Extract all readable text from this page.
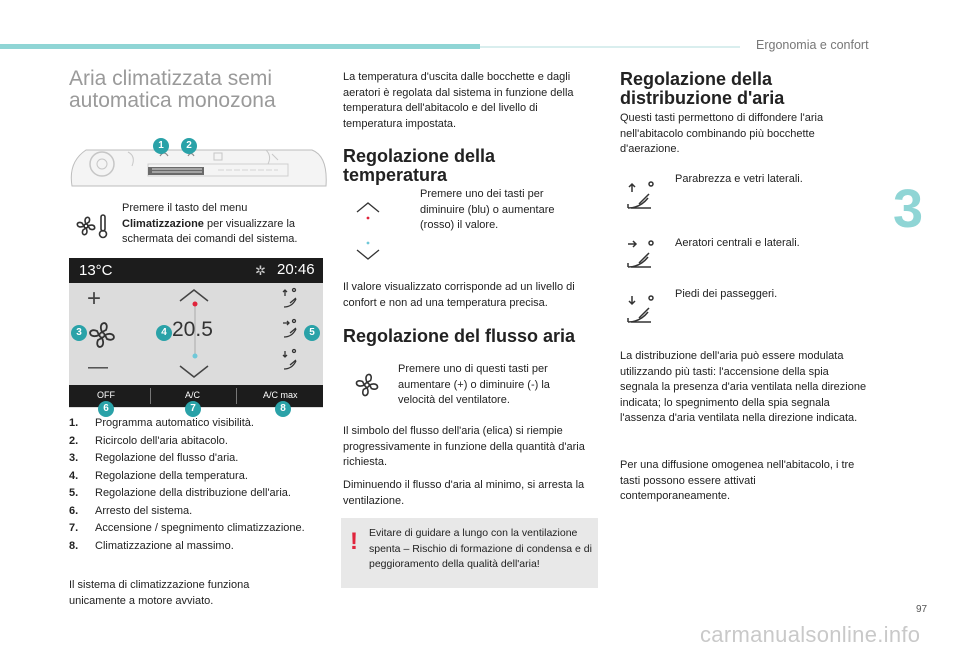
Ergonomia e confort
3
97
carmanualsonline.info
Aria climatizzata semi
automatica monozona
1	2
Premere il tasto del menu Climatizzazione per visualizzare la schermata dei comandi del sistema.
13°C	✲ 20:46
+
—
20.5
3	4	5
OFF	A/C	A/C max
6	7	8
1.	Programma automatico visibilità.
2.	Ricircolo dell'aria abitacolo.
3.	Regolazione del flusso d'aria.
4.	Regolazione della temperatura.
5.	Regolazione della distribuzione dell'aria.
6.	Arresto del sistema.
7.	Accensione / spegnimento climatizzazione.
8.	Climatizzazione al massimo.
Il sistema di climatizzazione funziona unicamente a motore avviato.
La temperatura d'uscita dalle bocchette e dagli aeratori è regolata dal sistema in funzione della temperatura dell'abitacolo e del livello di temperatura impostata.
Regolazione della
temperatura
Premere uno dei tasti per diminuire (blu) o aumentare (rosso) il valore.
Il valore visualizzato corrisponde ad un livello di confort e non ad una temperatura precisa.
Regolazione del flusso aria
Premere uno di questi tasti per aumentare (+) o diminuire (-) la velocità del ventilatore.
Il simbolo del flusso dell'aria (elica) si riempie progressivamente in funzione della quantità d'aria richiesta.
Diminuendo il flusso d'aria al minimo, si arresta la ventilazione.
! Evitare di guidare a lungo con la ventilazione spenta – Rischio di formazione di condensa e di peggioramento della qualità dell'aria!
Regolazione della
distribuzione d'aria
Questi tasti permettono di diffondere l'aria nell'abitacolo combinando più bocchette d'aerazione.
Parabrezza e vetri laterali.
Aeratori centrali e laterali.
Piedi dei passeggeri.
La distribuzione dell'aria può essere modulata utilizzando più tasti: l'accensione della spia segnala la presenza d'aria ventilata nella direzione indicata; lo spegnimento della spia segnala l'assenza d'aria ventilata nella direzione indicata.
Per una diffusione omogenea nell'abitacolo, i tre tasti possono essere attivati contemporaneamente.
